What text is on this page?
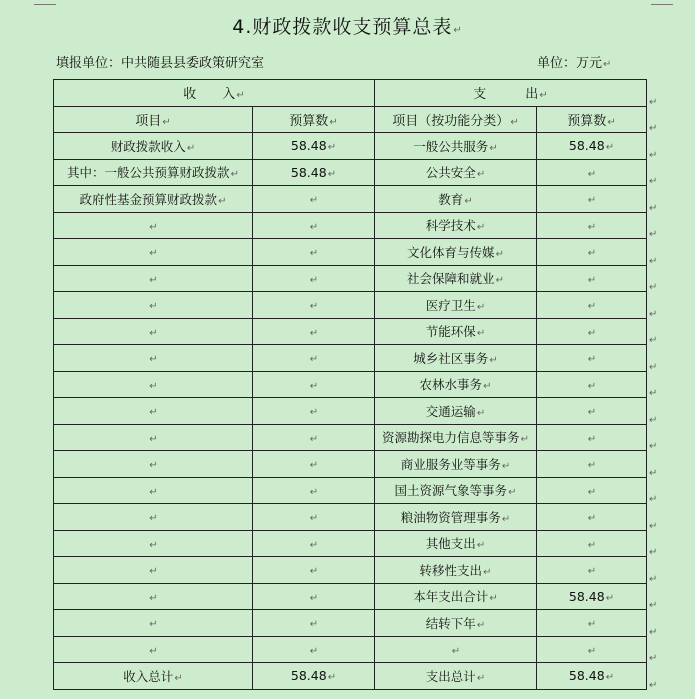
4.财政拨款收支预算总表↵
填报单位：中共随县县委政策研究室	单位：万元↵
收　　入↵		支　　　出↵	
项目↵	预算数↵	项目（按功能分类）↵	预算数↵
财政拨款收入↵	58.48↵	一般公共服务↵	58.48↵
其中：一般公共预算财政拨款↵	58.48↵	公共安全↵	↵
政府性基金预算财政拨款↵	↵	教育↵	↵
↵	↵	科学技术↵	↵
↵	↵	文化体育与传媒↵	↵
↵	↵	社会保障和就业↵	↵
↵	↵	医疗卫生↵	↵
↵	↵	节能环保↵	↵
↵	↵	城乡社区事务↵	↵
↵	↵	农林水事务↵	↵
↵	↵	交通运输↵	↵
↵	↵	资源勘探电力信息等事务↵	↵
↵	↵	商业服务业等事务↵	↵
↵	↵	国土资源气象等事务↵	↵
↵	↵	粮油物资管理事务↵	↵
↵	↵	其他支出↵	↵
↵	↵	转移性支出↵	↵
↵	↵	本年支出合计↵	58.48↵
↵	↵	结转下年↵	↵
↵	↵	↵	↵
收入总计↵	58.48↵	支出总计↵	58.48↵
↵
↵
↵
↵
↵
↵
↵
↵
↵
↵
↵
↵
↵
↵
↵
↵
↵
↵
↵
↵
↵
↵
↵
